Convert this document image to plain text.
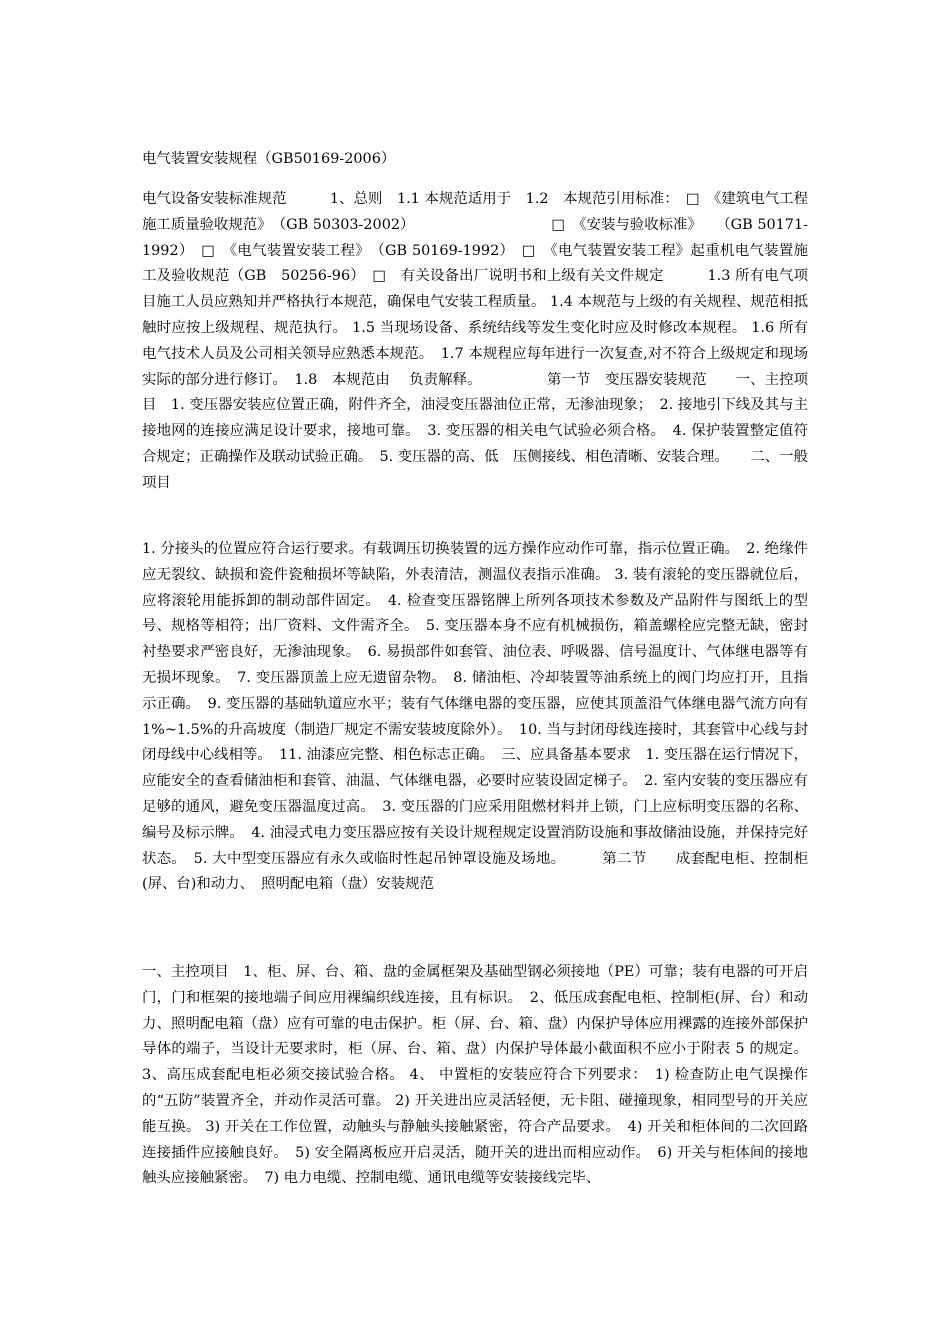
电气装置安装规程（GB50169-2006）

电气设备安装标准规范　　　1、总则　1.1 本规范适用于　1.2　本规范引用标准：　□　《建筑电气工程施工质量验收规范》　（GB 50303-2002）　　　　　　　　　　□　《安装与验收标准》　　（GB 50171-1992）　□　《电气装置安装工程》　（GB 50169-1992）　□　《电气装置安装工程》起重机电气装置施工及验收规范（GB　50256-96）　□　有关设备出厂说明书和上级有关文件规定　　　1.3 所有电气项目施工人员应熟知并严格执行本规范，确保电气安装工程质量。 1.4 本规范与上级的有关规程、规范相抵触时应按上级规程、规范执行。 1.5 当现场设备、系统结线等发生变化时应及时修改本规程。 1.6 所有电气技术人员及公司相关领导应熟悉本规范。　1.7 本规程应每年进行一次复查,对不符合上级规定和现场实际的部分进行修订。　1.8　本规范由　 负责解释。　　　　　第一节　变压器安装规范　　一、主控项目　1. 变压器安装应位置正确，附件齐全，油浸变压器油位正常，无渗油现象；　2. 接地引下线及其与主接地网的连接应满足设计要求，接地可靠。　3. 变压器的相关电气试验必须合格。　4. 保护装置整定值符合规定；正确操作及联动试验正确。　5. 变压器的高、低　压侧接线、相色清晰、安装合理。　　二、一般项目

1. 分接头的位置应符合运行要求。有载调压切换装置的远方操作应动作可靠，指示位置正确。　2. 绝缘件应无裂纹、缺损和瓷件瓷釉损坏等缺陷，外表清洁，测温仪表指示准确。 3. 装有滚轮的变压器就位后，应将滚轮用能拆卸的制动部件固定。　4. 检查变压器铭牌上所列各项技术参数及产品附件与图纸上的型号、规格等相符；出厂资料、文件需齐全。　5. 变压器本身不应有机械损伤，箱盖螺栓应完整无缺，密封衬垫要求严密良好，无渗油现象。　6. 易损部件如套管、油位表、呼吸器、信号温度计、气体继电器等有无损坏现象。　7. 变压器顶盖上应无遗留杂物。　8. 储油柜、冷却装置等油系统上的阀门均应打开，且指示正确。　9. 变压器的基础轨道应水平；装有气体继电器的变压器，应使其顶盖沿气体继电器气流方向有 1%~1.5%的升高坡度（制造厂规定不需安装坡度除外）。　10. 当与封闭母线连接时，其套管中心线与封闭母线中心线相等。　11. 油漆应完整、相色标志正确。　三、应具备基本要求　1. 变压器在运行情况下，应能安全的查看储油柜和套管、油温、气体继电器，必要时应装设固定梯子。　2. 室内安装的变压器应有足够的通风，避免变压器温度过高。　3. 变压器的门应采用阻燃材料并上锁，门上应标明变压器的名称、编号及标示牌。　4. 油浸式电力变压器应按有关设计规程规定设置消防设施和事故储油设施，并保持完好状态。　5. 大中型变压器应有永久或临时性起吊钟罩设施及场地。　　　第二节　　成套配电柜、控制柜(屏、台)和动力、　照明配电箱（盘）安装规范

一、主控项目　1、柜、屏、台、箱、盘的金属框架及基础型钢必须接地（PE）可靠；装有电器的可开启门，门和框架的接地端子间应用裸编织线连接，且有标识。　2、低压成套配电柜、控制柜(屏、台）和动力、照明配电箱（盘）应有可靠的电击保护。柜（屏、台、箱、盘）内保护导体应用裸露的连接外部保护导体的端子，当设计无要求时，柜（屏、台、箱、盘）内保护导体最小截面积不应小于附表 5 的规定。 3、高压成套配电柜必须交接试验合格。 4、 中置柜的安装应符合下列要求：　1) 检查防止电气误操作的“五防”装置齐全，并动作灵活可靠。 2) 开关进出应灵活轻便，无卡阻、碰撞现象，相同型号的开关应能互换。 3) 开关在工作位置，动触头与静触头接触紧密，符合产品要求。　4) 开关和柜体间的二次回路连接插件应接触良好。　5) 安全隔离板应开启灵活，随开关的进出而相应动作。　6) 开关与柜体间的接地触头应接触紧密。　7) 电力电缆、控制电缆、通讯电缆等安装接线完毕、
